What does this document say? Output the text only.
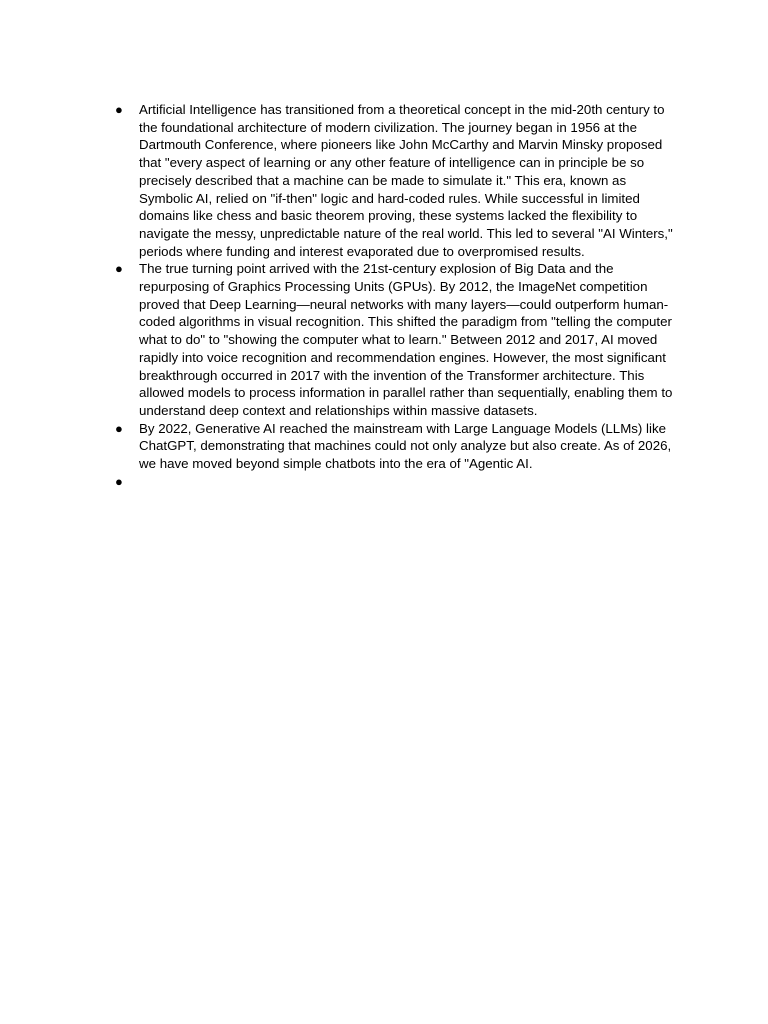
●	Artificial Intelligence has transitioned from a theoretical concept in the mid-20th century to the foundational architecture of modern civilization. The journey began in 1956 at the Dartmouth Conference, where pioneers like John McCarthy and Marvin Minsky proposed that "every aspect of learning or any other feature of intelligence can in principle be so precisely described that a machine can be made to simulate it." This era, known as Symbolic AI, relied on "if-then" logic and hard-coded rules. While successful in limited domains like chess and basic theorem proving, these systems lacked the flexibility to navigate the messy, unpredictable nature of the real world. This led to several "AI Winters," periods where funding and interest evaporated due to overpromised results.
●	The true turning point arrived with the 21st-century explosion of Big Data and the repurposing of Graphics Processing Units (GPUs). By 2012, the ImageNet competition proved that Deep Learning—neural networks with many layers—could outperform human-coded algorithms in visual recognition. This shifted the paradigm from "telling the computer what to do" to "showing the computer what to learn." Between 2012 and 2017, AI moved rapidly into voice recognition and recommendation engines. However, the most significant breakthrough occurred in 2017 with the invention of the Transformer architecture. This allowed models to process information in parallel rather than sequentially, enabling them to understand deep context and relationships within massive datasets.
●	By 2022, Generative AI reached the mainstream with Large Language Models (LLMs) like ChatGPT, demonstrating that machines could not only analyze but also create. As of 2026, we have moved beyond simple chatbots into the era of "Agentic AI.
●
